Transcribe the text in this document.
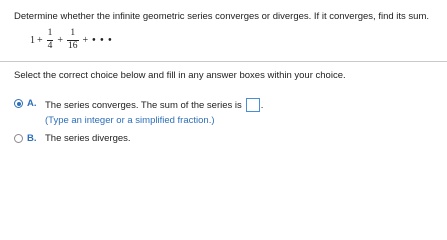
Determine whether the infinite geometric series converges or diverges. If it converges, find its sum.
$1 + \frac{1}{4} + \frac{1}{16}$ + • • •
Select the correct choice below and fill in any answer boxes within your choice.
A. The series converges. The sum of the series is .
(Type an integer or a simplified fraction.)
B. The series diverges.
